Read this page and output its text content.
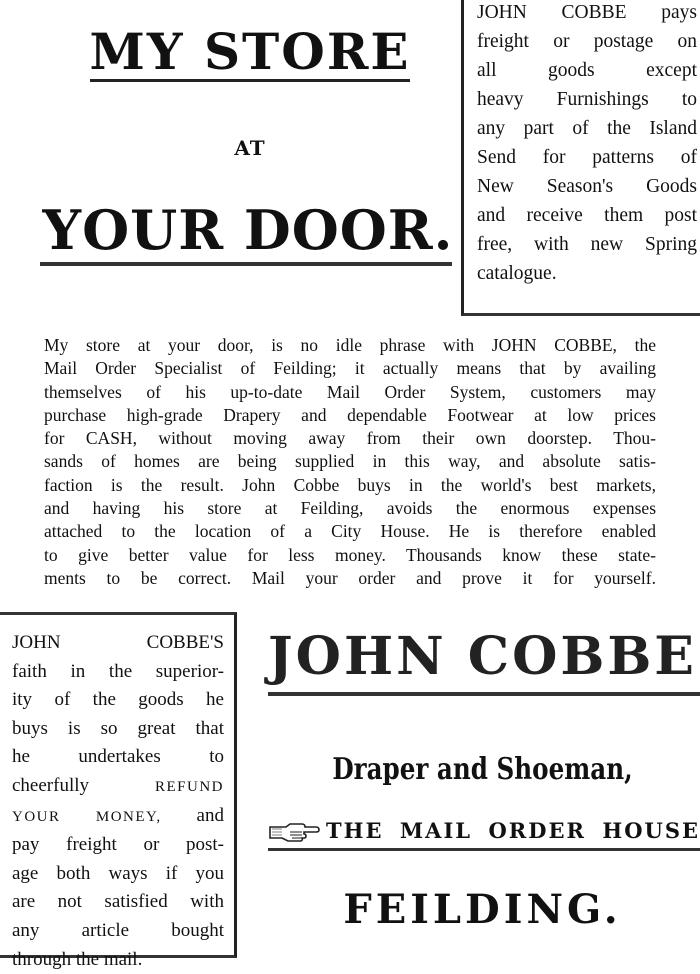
MY STORE
AT
YOUR DOOR.
JOHN COBBE pays
freight or postage on
all goods except
heavy Furnishings to
any part of the Island
Send for patterns of
New Season's Goods
and receive them post
free, with new Spring
catalogue.
My store at your door, is no idle phrase with JOHN COBBE, the
Mail Order Specialist of Feilding; it actually means that by availing
themselves of his up-to-date Mail Order System, customers may
purchase high-grade Drapery and dependable Footwear at low prices
for CASH, without moving away from their own doorstep. Thou-
sands of homes are being supplied in this way, and absolute satis-
faction is the result. John Cobbe buys in the world's best markets,
and having his store at Feilding, avoids the enormous expenses
attached to the location of a City House. He is therefore enabled
to give better value for less money. Thousands know these state-
ments to be correct. Mail your order and prove it for yourself.
JOHN COBBE'S
faith in the superior-
ity of the goods he
buys is so great that
he undertakes to
cheerfully REFUND
YOUR MONEY, and
pay freight or post-
age both ways if you
are not satisfied with
any article bought
through the mail.
JOHN COBBE
Draper and Shoeman,
THE MAIL ORDER HOUSE
FEILDING.
